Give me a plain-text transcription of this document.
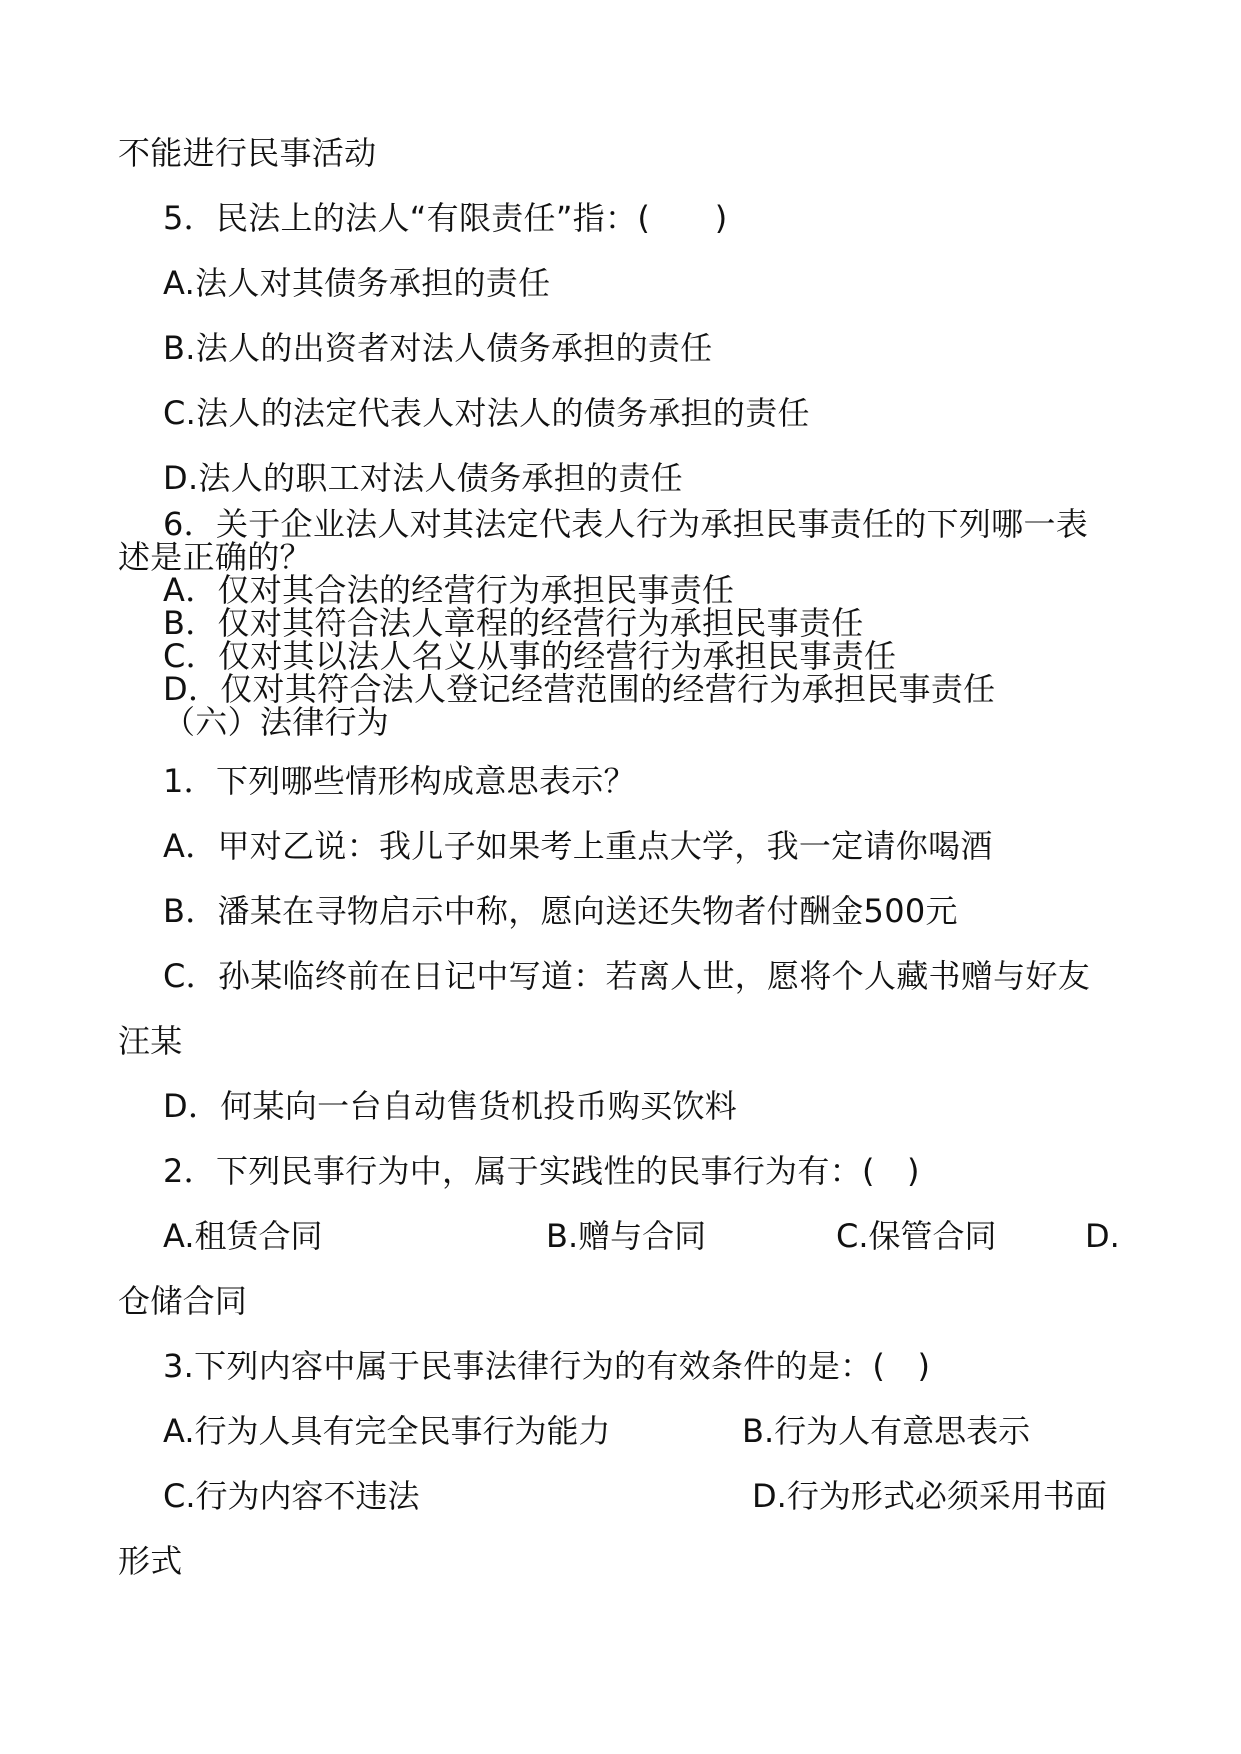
不能进行民事活动
5．民法上的法人“有限责任”指：(　　)
A.法人对其债务承担的责任
B.法人的出资者对法人债务承担的责任
C.法人的法定代表人对法人的债务承担的责任
D.法人的职工对法人债务承担的责任
6．关于企业法人对其法定代表人行为承担民事责任的下列哪一表
述是正确的？
A．仅对其合法的经营行为承担民事责任
B．仅对其符合法人章程的经营行为承担民事责任
C．仅对其以法人名义从事的经营行为承担民事责任
D．仅对其符合法人登记经营范围的经营行为承担民事责任
（六）法律行为
1．下列哪些情形构成意思表示？
A．甲对乙说：我儿子如果考上重点大学，我一定请你喝酒
B．潘某在寻物启示中称，愿向送还失物者付酬金500元
C．孙某临终前在日记中写道：若离人世，愿将个人藏书赠与好友
汪某
D．何某向一台自动售货机投币购买饮料
2．下列民事行为中，属于实践性的民事行为有：(　)
A.租赁合同	B.赠与合同	C.保管合同	D.
仓储合同
3.下列内容中属于民事法律行为的有效条件的是：(　)
A.行为人具有完全民事行为能力	B.行为人有意思表示
C.行为内容不违法	D.行为形式必须采用书面
形式
